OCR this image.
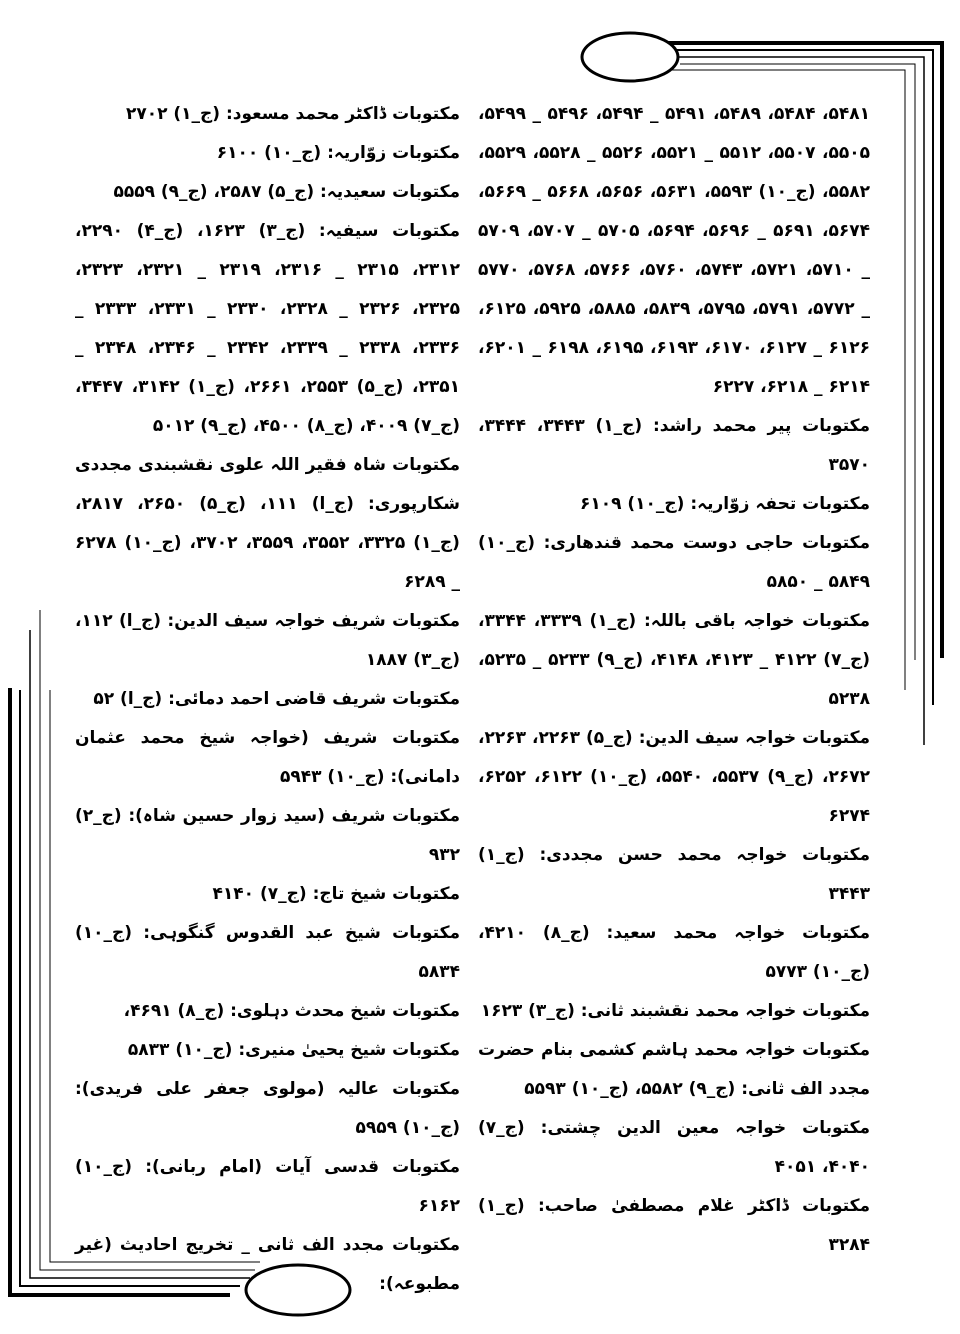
۵۴۸۱، ۵۴۸۴، ۵۴۸۹، ۵۴۹۱ _ ۵۴۹۴، ۵۴۹۶ _ ۵۴۹۹، ۵۵۰۵، ۵۵۰۷، ۵۵۱۲ _ ۵۵۲۱، ۵۵۲۶ _ ۵۵۲۸، ۵۵۲۹، ۵۵۸۲، (ج_۱۰) ۵۵۹۳، ۵۶۳۱، ۵۶۵۶، ۵۶۶۸ _ ۵۶۶۹، ۵۶۷۴، ۵۶۹۱ _ ۵۶۹۶، ۵۶۹۴، ۵۷۰۵ _ ۵۷۰۷، ۵۷۰۹ _ ۵۷۱۰، ۵۷۲۱، ۵۷۴۳، ۵۷۶۰، ۵۷۶۶، ۵۷۶۸، ۵۷۷۰ _ ۵۷۷۲، ۵۷۹۱، ۵۷۹۵، ۵۸۳۹، ۵۸۸۵، ۵۹۲۵، ۶۱۲۵، ۶۱۲۶ _ ۶۱۲۷، ۶۱۷۰، ۶۱۹۳، ۶۱۹۵، ۶۱۹۸ _ ۶۲۰۱، ۶۲۱۴ _ ۶۲۱۸، ۶۲۲۷
مکتوبات پیر محمد راشد: (ج_۱) ۳۴۴۳، ۳۴۴۴، ۳۵۷۰
مکتوبات تحفہ زوّاریہ: (ج_۱۰) ۶۱۰۹
مکتوبات حاجی دوست محمد قندھاری: (ج_۱۰) ۵۸۴۹ _ ۵۸۵۰
مکتوبات خواجہ باقی باللہ: (ج_۱) ۳۳۳۹، ۳۳۴۴، (ج_۷) ۴۱۲۲ _ ۴۱۲۳، ۴۱۴۸، (ج_۹) ۵۲۳۳ _ ۵۲۳۵، ۵۲۳۸
مکتوبات خواجہ سیف الدین: (ج_۵) ۲۲۶۳، ۲۲۶۳، ۲۶۷۲، (ج_۹) ۵۵۳۷، ۵۵۴۰، (ج_۱۰) ۶۱۲۲، ۶۲۵۲، ۶۲۷۴
مکتوبات خواجہ محمد حسن مجددی: (ج_۱) ۳۴۴۳
مکتوبات خواجہ محمد سعید: (ج_۸) ۴۲۱۰، (ج_۱۰) ۵۷۷۳
مکتوبات خواجہ محمد نقشبند ثانی: (ج_۳) ۱۶۲۳
مکتوبات خواجہ محمد ہاشم کشمی بنام حضرت مجدد الف ثانی: (ج_۹) ۵۵۸۲، (ج_۱۰) ۵۵۹۳
مکتوبات خواجہ معین الدین چشتی: (ج_۷) ۴۰۴۰، ۴۰۵۱
مکتوبات ڈاکٹر غلام مصطفیٰ صاحب: (ج_۱) ۳۲۸۴
مکتوبات ڈاکٹر محمد مسعود: (ج_۱) ۲۷۰۲
مکتوبات زوّاریہ: (ج_۱۰) ۶۱۰۰
مکتوبات سعیدیہ: (ج_۵) ۲۵۸۷، (ج_۹) ۵۵۵۹
مکتوبات سیفیہ: (ج_۳) ۱۶۲۳، (ج_۴) ۲۲۹۰، ۲۳۱۲، ۲۳۱۵ _ ۲۳۱۶، ۲۳۱۹ _ ۲۳۲۱، ۲۳۲۳، ۲۳۲۵، ۲۳۲۶ _ ۲۳۲۸، ۲۳۳۰ _ ۲۳۳۱، ۲۳۳۳ _ ۲۳۳۶، ۲۳۳۸ _ ۲۳۳۹، ۲۳۴۲ _ ۲۳۴۶، ۲۳۴۸ _ ۲۳۵۱، (ج_۵) ۲۵۵۳، ۲۶۶۱، (ج_۱) ۳۱۴۲، ۳۴۴۷، (ج_۷) ۴۰۰۹، (ج_۸) ۴۵۰۰، (ج_۹) ۵۰۱۲
مکتوبات شاہ فقیر اللہ علوی نقشبندی مجددی شکارپوری: (ج_ا) ۱۱۱، (ج_۵) ۲۶۵۰، ۲۸۱۷، (ج_۱) ۳۳۲۵، ۳۵۵۲، ۳۵۵۹، ۳۷۰۲، (ج_۱۰) ۶۲۷۸ _ ۶۲۸۹
مکتوبات شریف خواجہ سیف الدین: (ج_ا) ۱۱۲، (ج_۳) ۱۸۸۷
مکتوبات شریف قاضی احمد دمائی: (ج_ا) ۵۲
مکتوبات شریف (خواجہ شیخ محمد عثمان دامانی): (ج_۱۰) ۵۹۴۳
مکتوبات شریف (سید زوار حسین شاہ): (ج_۲) ۹۳۲
مکتوبات شیخ تاج: (ج_۷) ۴۱۴۰
مکتوبات شیخ عبد القدوس گنگوہی: (ج_۱۰) ۵۸۳۴
مکتوبات شیخ محدث دہلوی: (ج_۸) ۴۶۹۱،
مکتوبات شیخ یحییٰ منیری: (ج_۱۰) ۵۸۳۳
مکتوبات عالیہ (مولوی جعفر علی فریدی): (ج_۱۰) ۵۹۵۹
مکتوبات قدسی آیات (امام ربانی): (ج_۱۰) ۶۱۶۲
مکتوبات مجدد الف ثانی _ تخریج احادیث (غیر مطبوعہ):
